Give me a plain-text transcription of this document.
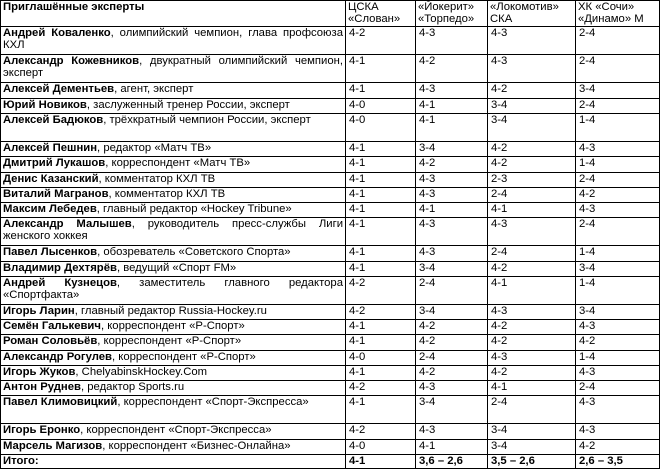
Приглашённые эксперты	ЦСКА «Слован»	«Йокерит» «Торпедо»	«Локомотив» СКА	ХК «Сочи» «Динамо» М
Андрей Коваленко, олимпийский чемпион, глава профсоюза КХЛ	4-2	4-3	4-3	2-4
Александр Кожевников, двукратный олимпийский чемпион, эксперт	4-1	4-2	4-3	2-4
Алексей Дементьев, агент, эксперт	4-1	4-3	4-2	3-4
Юрий Новиков, заслуженный тренер России, эксперт	4-0	4-1	3-4	2-4
Алексей Бадюков, трёхкратный чемпион России, эксперт	4-0	4-1	3-4	1-4
Алексей Пешнин, редактор «Матч ТВ»	4-1	3-4	4-2	4-3
Дмитрий Лукашов, корреспондент «Матч ТВ»	4-1	4-2	4-2	1-4
Денис Казанский, комментатор КХЛ ТВ	4-1	4-3	2-3	2-4
Виталий Магранов, комментатор КХЛ ТВ	4-1	4-3	2-4	4-2
Максим Лебедев, главный редактор «Hockey Tribune»	4-1	4-1	4-1	4-3
Александр Малышев, руководитель пресс-службы Лиги женского хоккея	4-1	4-3	4-3	2-4
Павел Лысенков, обозреватель «Советского Спорта»	4-1	4-3	2-4	1-4
Владимир Дехтярёв, ведущий «Спорт FM»	4-1	3-4	4-2	3-4
Андрей Кузнецов, заместитель главного редактора «Спортфакта»	4-2	2-4	4-1	1-4
Игорь Ларин, главный редактор Russia-Hockey.ru	4-2	3-4	4-3	3-4
Семён Галькевич, корреспондент «Р-Спорт»	4-1	4-2	4-2	4-3
Роман Соловьёв, корреспондент «Р-Спорт»	4-1	4-2	4-2	4-2
Александр Рогулев, корреспондент «Р-Спорт»	4-0	2-4	4-3	1-4
Игорь Жуков, ChelyabinskHockey.Com	4-1	4-2	4-2	4-3
Антон Руднев, редактор Sports.ru	4-2	4-3	4-1	2-4
Павел Климовицкий, корреспондент «Спорт-Экспресса»	4-1	3-4	2-4	4-3
Игорь Еронко, корреспондент «Спорт-Экспресса»	4-2	4-3	3-4	4-3
Марсель Магизов, корреспондент «Бизнес-Онлайна»	4-0	4-1	3-4	4-2
Итого:	4-1	3,6 – 2,6	3,5 – 2,6	2,6 – 3,5
